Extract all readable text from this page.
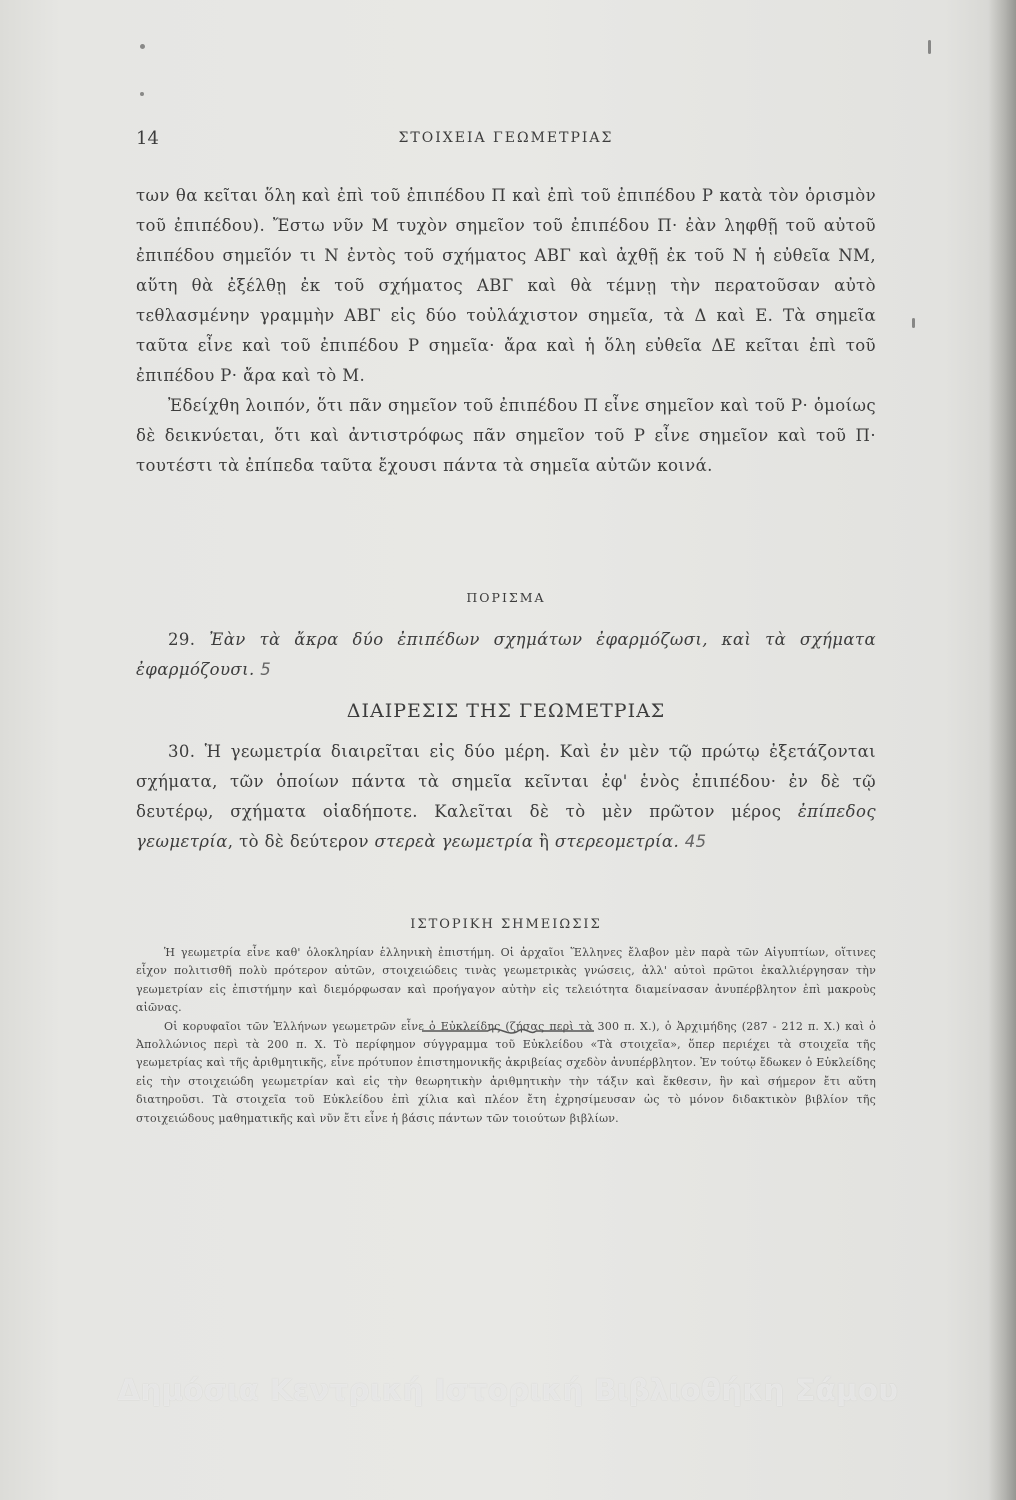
14	ΣΤΟΙΧΕΙΑ ΓΕΩΜΕΤΡΙΑΣ

των θα κεῖται ὅλη καὶ ἐπὶ τοῦ ἐπιπέδου Π καὶ ἐπὶ τοῦ ἐπιπέδου Ρ κατὰ τὸν ὁρισμὸν τοῦ ἐπιπέδου). Ἔστω νῦν Μ τυχὸν σημεῖον τοῦ ἐπιπέδου Π· ἐὰν ληφθῇ τοῦ αὐτοῦ ἐπιπέδου σημεῖόν τι Ν ἐντὸς τοῦ σχήματος ΑΒΓ καὶ ἀχθῇ ἐκ τοῦ Ν ἡ εὐθεῖα ΝΜ, αὕτη θὰ ἐξέλθῃ ἐκ τοῦ σχήματος ΑΒΓ καὶ θὰ τέμνῃ τὴν περατοῦσαν αὐτὸ τεθλασμένην γραμμὴν ΑΒΓ εἰς δύο τοὐλάχιστον σημεῖα, τὰ Δ καὶ Ε. Τὰ σημεῖα ταῦτα εἶνε καὶ τοῦ ἐπιπέδου Ρ σημεῖα· ἄρα καὶ ἡ ὅλη εὐθεῖα ΔΕ κεῖται ἐπὶ τοῦ ἐπιπέδου Ρ· ἄρα καὶ τὸ Μ.

Ἐδείχθη λοιπόν, ὅτι πᾶν σημεῖον τοῦ ἐπιπέδου Π εἶνε σημεῖον καὶ τοῦ Ρ· ὁμοίως δὲ δεικνύεται, ὅτι καὶ ἀντιστρόφως πᾶν σημεῖον τοῦ Ρ εἶνε σημεῖον καὶ τοῦ Π· τουτέστι τὰ ἐπίπεδα ταῦτα ἔχουσι πάντα τὰ σημεῖα αὐτῶν κοινά.

ΠΟΡΙΣΜΑ

29. Ἐὰν τὰ ἄκρα δύο ἐπιπέδων σχημάτων ἐφαρμόζωσι, καὶ τὰ σχήματα ἐφαρμόζουσι. 5

ΔΙΑΙΡΕΣΙΣ ΤΗΣ ΓΕΩΜΕΤΡΙΑΣ

30. Ἡ γεωμετρία διαιρεῖται εἰς δύο μέρη. Καὶ ἐν μὲν τῷ πρώτῳ ἐξετάζονται σχήματα, τῶν ὁποίων πάντα τὰ σημεῖα κεῖνται ἐφ' ἑνὸς ἐπιπέδου· ἐν δὲ τῷ δευτέρῳ, σχήματα οἱαδήποτε. Καλεῖται δὲ τὸ μὲν πρῶτον μέρος ἐπίπεδος γεωμετρία, τὸ δὲ δεύτερον στερεὰ γεωμετρία ἢ στερεομετρία. 45

ΙΣΤΟΡΙΚΗ ΣΗΜΕΙΩΣΙΣ

Ἡ γεωμετρία εἶνε καθ' ὁλοκληρίαν ἑλληνικὴ ἐπιστήμη. Οἱ ἀρχαῖοι Ἕλληνες ἔλαβον μὲν παρὰ τῶν Αἰγυπτίων, οἵτινες εἶχον πολιτισθῆ πολὺ πρότερον αὐτῶν, στοιχειώδεις τινὰς γεωμετρικὰς γνώσεις, ἀλλ' αὐτοὶ πρῶτοι ἐκαλλιέργησαν τὴν γεωμετρίαν εἰς ἐπιστήμην καὶ διεμόρφωσαν καὶ προήγαγον αὐτὴν εἰς τελειότητα διαμείνασαν ἀνυπέρβλητον ἐπὶ μακροὺς αἰῶνας.

Οἱ κορυφαῖοι τῶν Ἑλλήνων γεωμετρῶν εἶνε ὁ Εὐκλείδης (ζήσας περὶ τὰ 300 π. Χ.), ὁ Ἀρχιμήδης (287 - 212 π. Χ.) καὶ ὁ Ἀπολλώνιος περὶ τὰ 200 π. Χ. Τὸ περίφημον σύγγραμμα τοῦ Εὐκλείδου «Τὰ στοιχεῖα», ὅπερ περιέχει τὰ στοιχεῖα τῆς γεωμετρίας καὶ τῆς ἀριθμητικῆς, εἶνε πρότυπον ἐπιστημονικῆς ἀκριβείας σχεδὸν ἀνυπέρβλητον. Ἐν τούτῳ ἔδωκεν ὁ Εὐκλείδης εἰς τὴν στοιχειώδη γεωμετρίαν καὶ εἰς τὴν θεωρητικὴν ἀριθμητικὴν τὴν τάξιν καὶ ἔκθεσιν, ἣν καὶ σήμερον ἔτι αὕτη διατηροῦσι. Τὰ στοιχεῖα τοῦ Εὐκλείδου ἐπὶ χίλια καὶ πλέον ἔτη ἐχρησίμευσαν ὡς τὸ μόνον διδακτικὸν βιβλίον τῆς στοιχειώδους μαθηματικῆς καὶ νῦν ἔτι εἶνε ἡ βάσις πάντων τῶν τοιούτων βιβλίων.

Δημόσια Κεντρική Ιστορική Βιβλιοθήκη Σάμου
